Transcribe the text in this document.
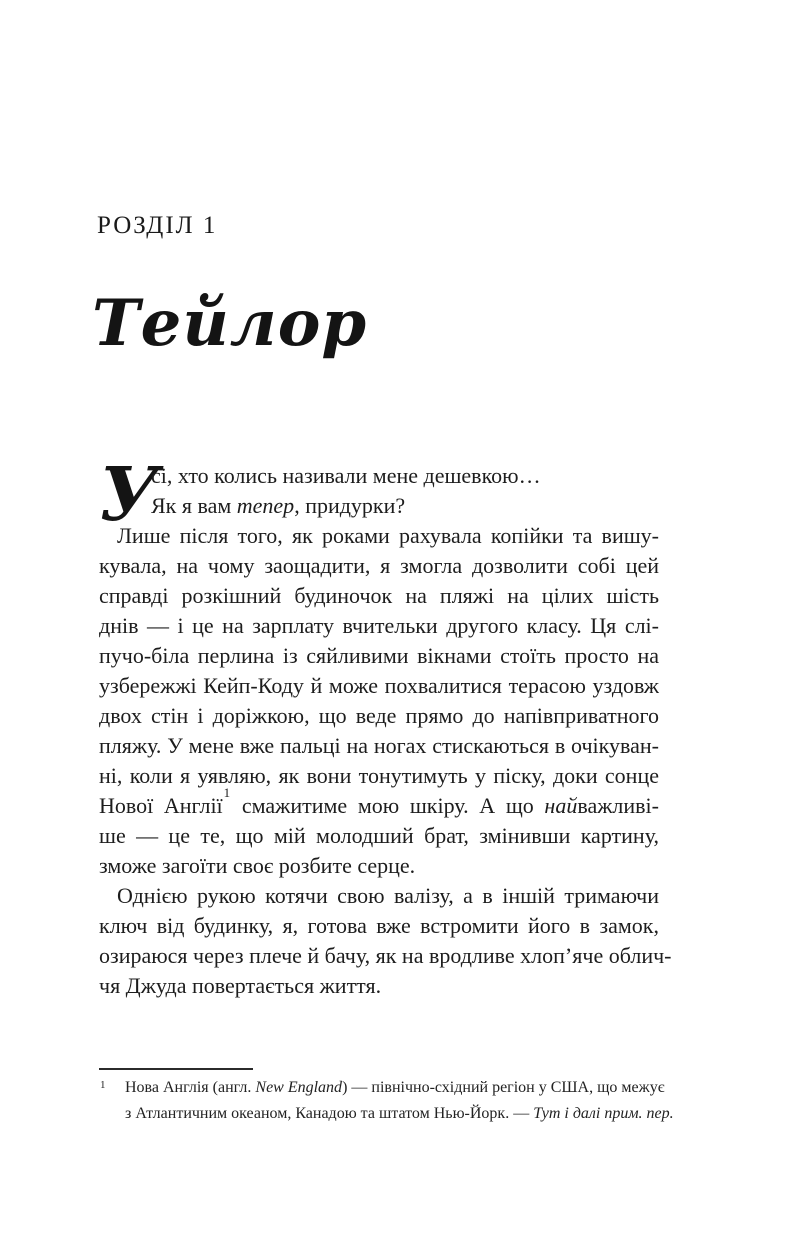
РОЗДІЛ 1
Тейлор
У

сі, хто колись називали мене дешевкою…

Як я вам тепер, придурки?

Лише після того, як роками рахувала копійки та вишу-

кувала, на чому заощадити, я змогла дозволити собі цей

справді розкішний будиночок на пляжі на цілих шість

днів — і це на зарплату вчительки другого класу. Ця слі-

пучо-біла перлина із сяйливими вікнами стоїть просто на

узбережжі Кейп-Коду й може похвалитися терасою уздовж

двох стін і доріжкою, що веде прямо до напівприватного

пляжу. У мене вже пальці на ногах стискаються в очікуван-

ні, коли я уявляю, як вони тонутимуть у піску, доки сонце

Нової Англії$^1$ смажитиме мою шкіру. А що найважливі-

ше — це те, що мій молодший брат, змінивши картину,

зможе загоїти своє розбите серце.

Однією рукою котячи свою валізу, а в іншій тримаючи

ключ від будинку, я, готова вже встромити його в замок,

озираюся через плече й бачу, як на вродливе хлоп’яче облич-

чя Джуда повертається життя.

1 Нова Англія (англ. New England) — північно-східний регіон у США, що межує

з Атлантичним океаном, Канадою та штатом Нью-Йорк. — Тут і далі прим. пер.
